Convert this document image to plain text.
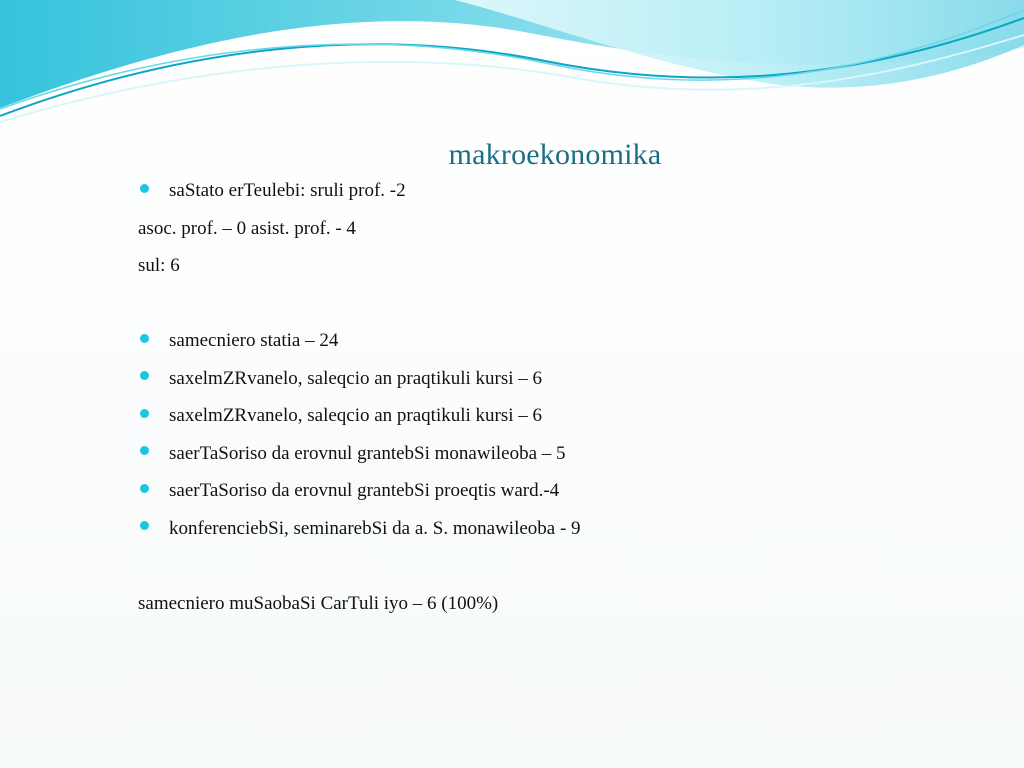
makroekonomika
saStato erTeulebi: sruli prof. -2
asoc. prof. – 0 asist. prof. - 4
sul: 6
samecniero statia – 24
saxelmZRvanelo, saleqcio an praqtikuli kursi – 6
saxelmZRvanelo, saleqcio an praqtikuli kursi – 6
saerTaSoriso da erovnul grantebSi monawileoba – 5
saerTaSoriso da erovnul grantebSi proeqtis ward.-4
konferenciebSi, seminarebSi da a. S. monawileoba - 9
samecniero muSaobaSi CarTuli iyo – 6 (100%)
